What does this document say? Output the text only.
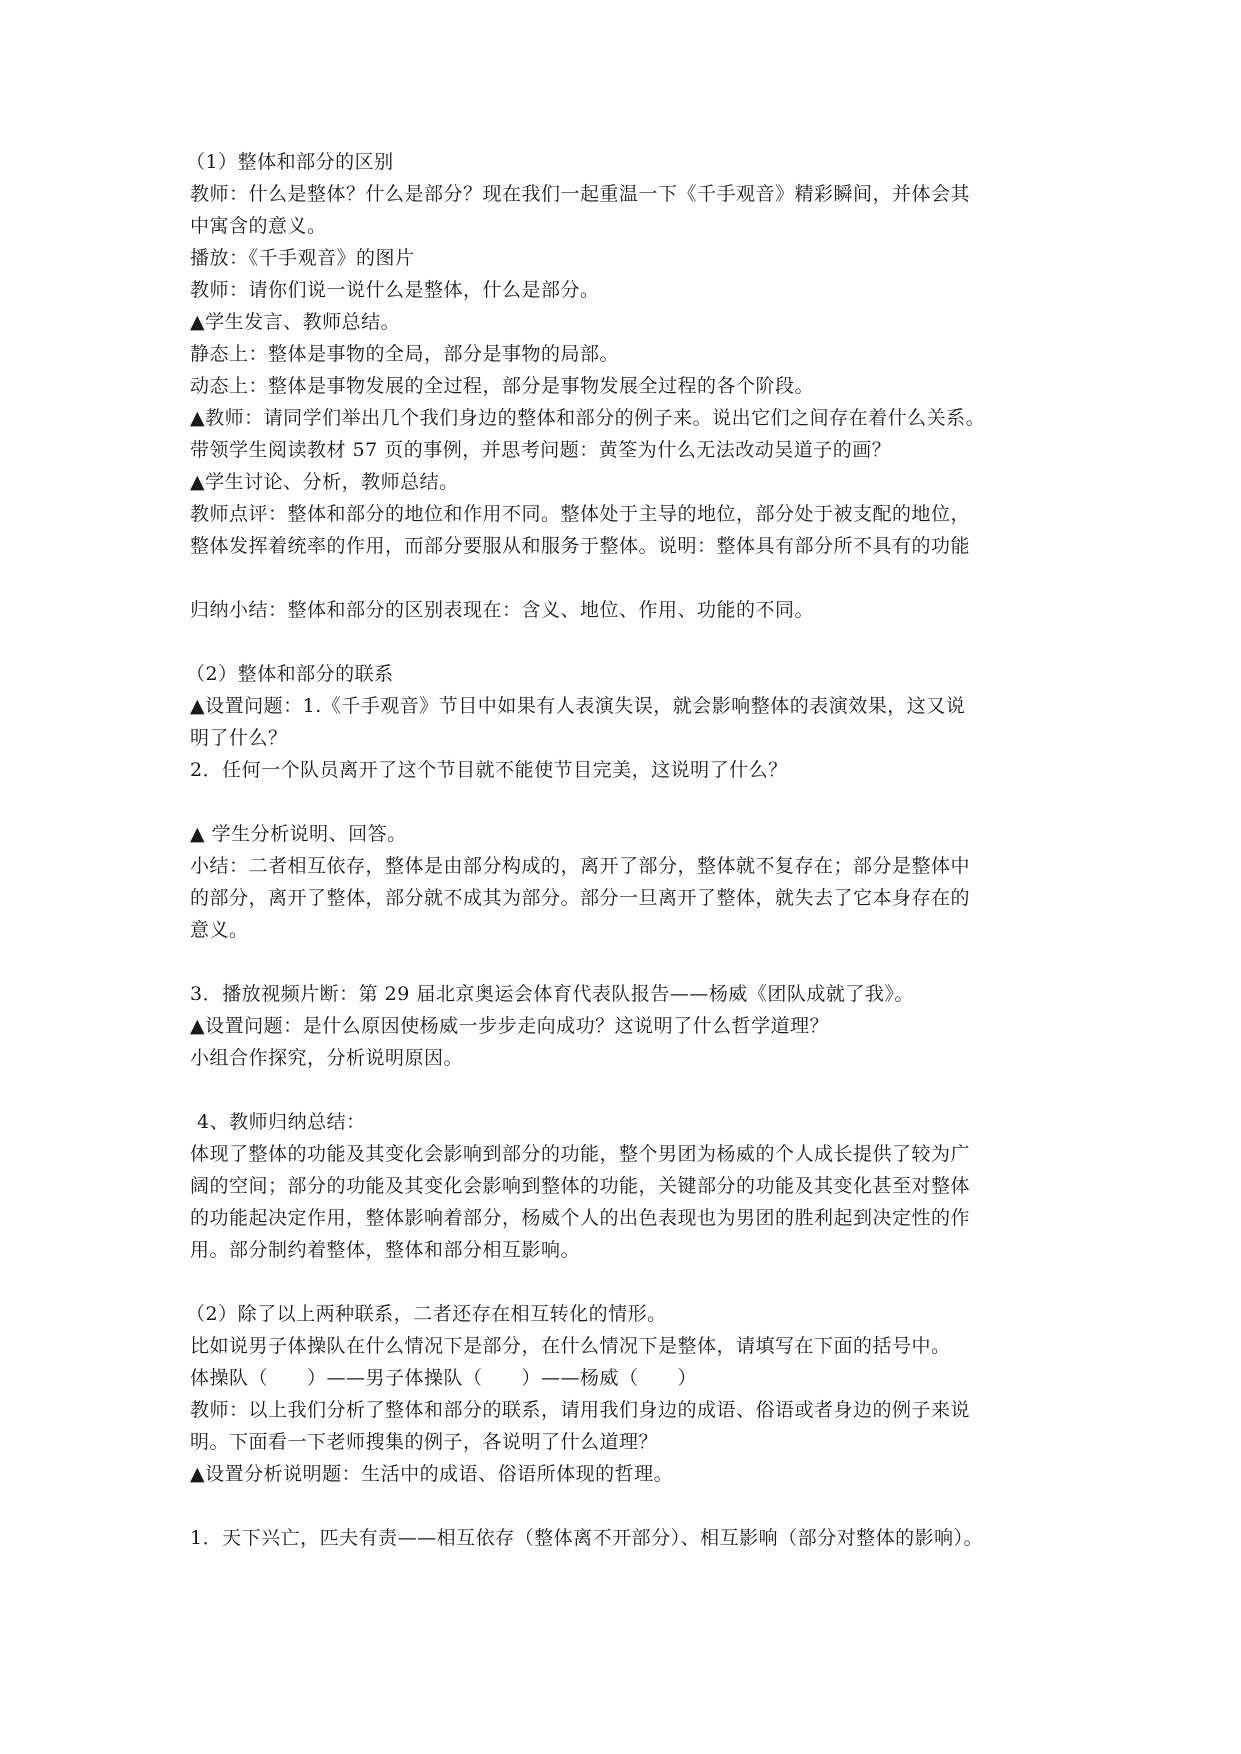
（1）整体和部分的区别
教师：什么是整体？什么是部分？现在我们一起重温一下《千手观音》精彩瞬间，并体会其
中寓含的意义。
播放：《千手观音》的图片
教师：请你们说一说什么是整体，什么是部分。
▲学生发言、教师总结。
静态上：整体是事物的全局，部分是事物的局部。
动态上：整体是事物发展的全过程，部分是事物发展全过程的各个阶段。
▲教师：请同学们举出几个我们身边的整体和部分的例子来。说出它们之间存在着什么关系。
带领学生阅读教材 57 页的事例，并思考问题：黄筌为什么无法改动吴道子的画？
▲学生讨论、分析，教师总结。
教师点评：整体和部分的地位和作用不同。整体处于主导的地位，部分处于被支配的地位，
整体发挥着统率的作用，而部分要服从和服务于整体。说明：整体具有部分所不具有的功能
归纳小结：整体和部分的区别表现在：含义、地位、作用、功能的不同。
（2）整体和部分的联系
▲设置问题：1.《千手观音》节目中如果有人表演失误，就会影响整体的表演效果，这又说
明了什么？
2．任何一个队员离开了这个节目就不能使节目完美，这说明了什么？
▲ 学生分析说明、回答。
小结：二者相互依存，整体是由部分构成的，离开了部分，整体就不复存在；部分是整体中
的部分，离开了整体，部分就不成其为部分。部分一旦离开了整体，就失去了它本身存在的
意义。
3．播放视频片断：第 29 届北京奥运会体育代表队报告——杨威《团队成就了我》。
▲设置问题：是什么原因使杨威一步步走向成功？这说明了什么哲学道理？
小组合作探究，分析说明原因。
4、教师归纳总结：
体现了整体的功能及其变化会影响到部分的功能，整个男团为杨威的个人成长提供了较为广
阔的空间；部分的功能及其变化会影响到整体的功能，关键部分的功能及其变化甚至对整体
的功能起决定作用，整体影响着部分，杨威个人的出色表现也为男团的胜利起到决定性的作
用。部分制约着整体，整体和部分相互影响。
（2）除了以上两种联系，二者还存在相互转化的情形。
比如说男子体操队在什么情况下是部分，在什么情况下是整体，请填写在下面的括号中。
体操队（　　）——男子体操队（　　）——杨威（　　）
教师：以上我们分析了整体和部分的联系，请用我们身边的成语、俗语或者身边的例子来说
明。下面看一下老师搜集的例子，各说明了什么道理？
▲设置分析说明题：生活中的成语、俗语所体现的哲理。
1．天下兴亡，匹夫有责——相互依存（整体离不开部分）、相互影响（部分对整体的影响）。
